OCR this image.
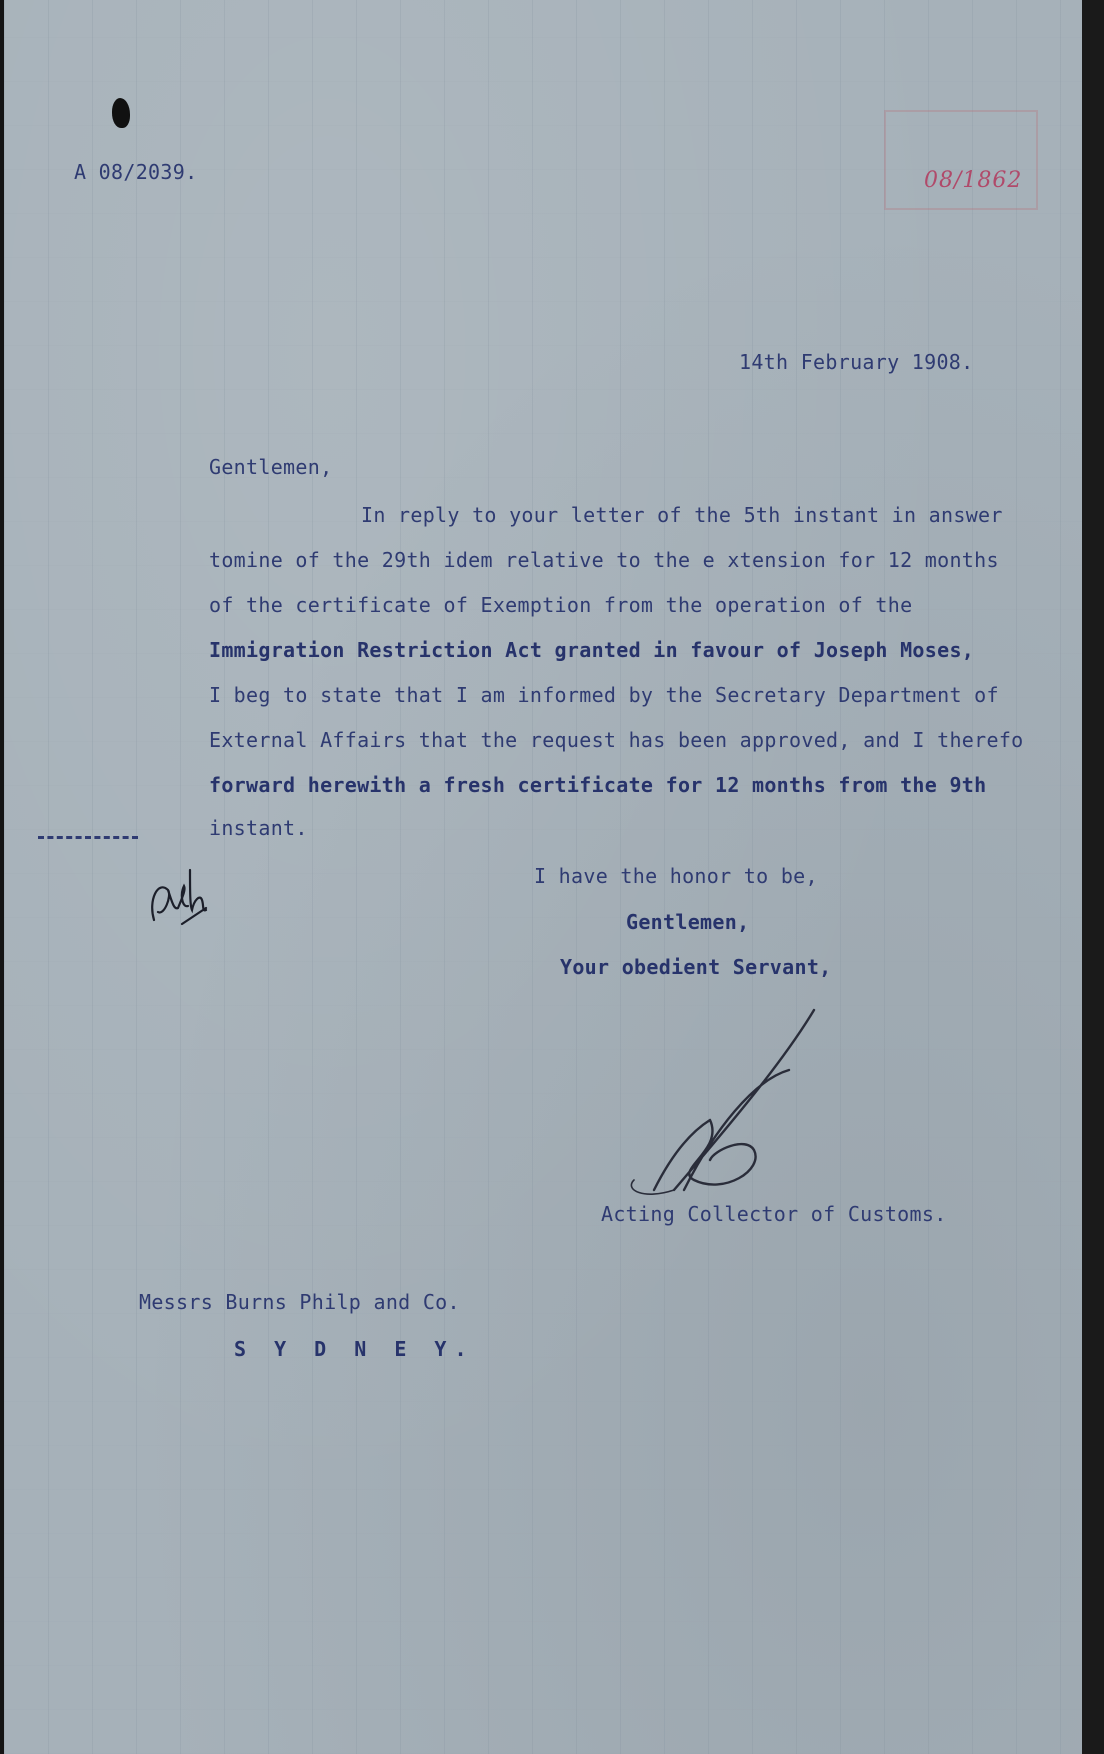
A 08/2039.	08/1862
14th February 1908.
Gentlemen,
In reply to your letter of the 5th instant in answer
tomine of the 29th idem relative to the e xtension for 12 months
of the certificate of Exemption from the operation of the
Immigration Restriction Act granted in favour of Joseph Moses,
I beg to state that I am informed by the Secretary Department of
External Affairs that the request has been approved, and I therefo
forward herewith a fresh certificate for 12 months from the 9th
instant.
I have the honor to be,
Gentlemen,
Your obedient Servant,
Acting Collector of Customs.
Messrs Burns Philp and Co.
S Y D N E Y.
